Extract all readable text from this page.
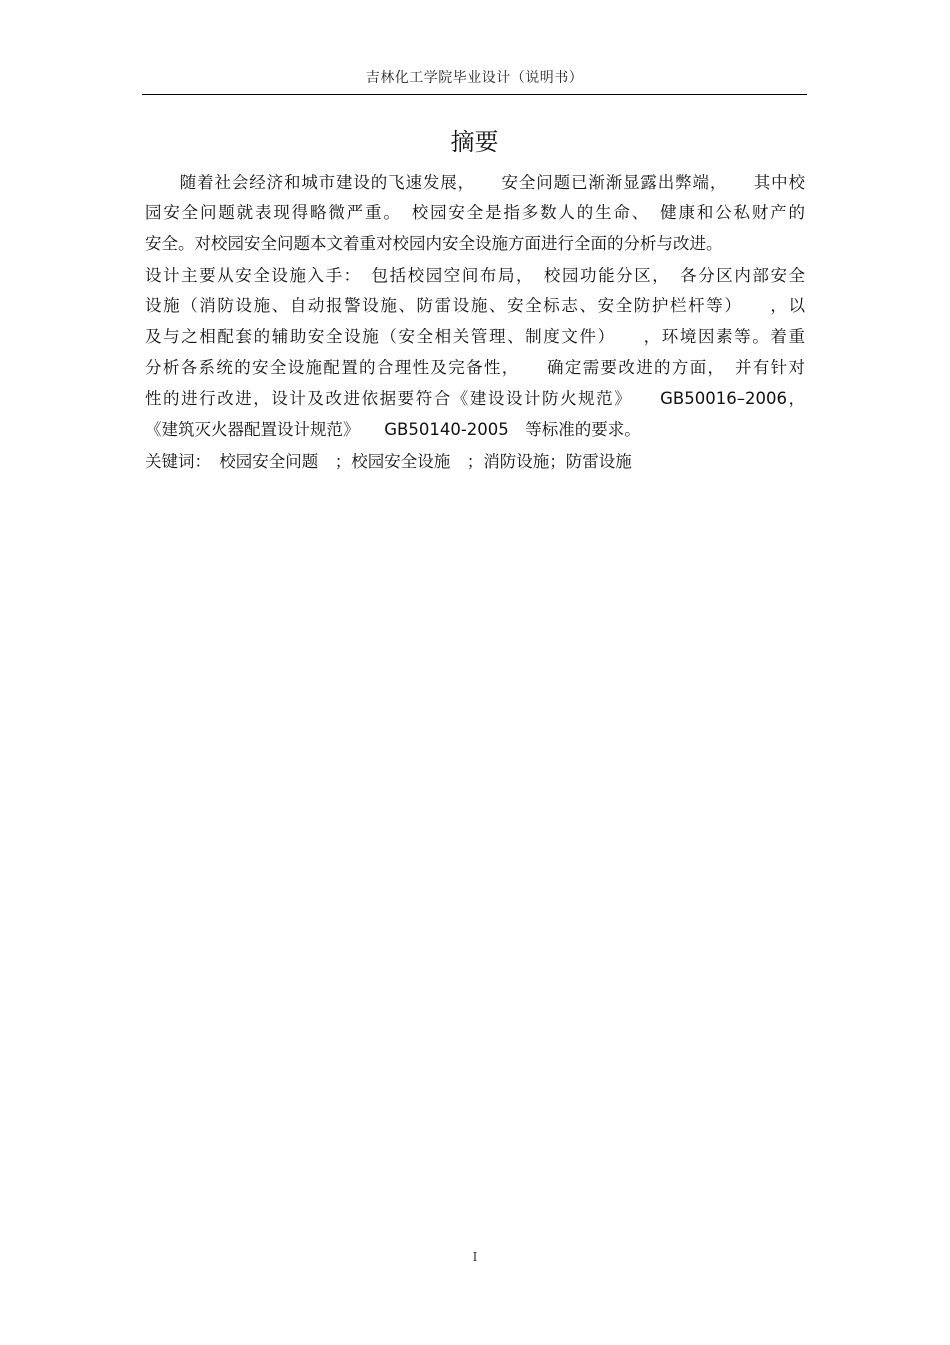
吉林化工学院毕业设计（说明书）
摘要
　　随着社会经济和城市建设的飞速发展，　　安全问题已渐渐显露出弊端，　　其中校
园安全问题就表现得略微严重。　校园安全是指多数人的生命、　健康和公私财产的
安全。对校园安全问题本文着重对校园内安全设施方面进行全面的分析与改进。
设计主要从安全设施入手：　包括校园空间布局，　校园功能分区，　各分区内部安全
设施（消防设施、自动报警设施、防雷设施、安全标志、安全防护栏杆等）　　，以
及与之相配套的辅助安全设施（安全相关管理、制度文件）　　，环境因素等。着重
分析各系统的安全设施配置的合理性及完备性，　　确定需要改进的方面，　并有针对
性的进行改进，设计及改进依据要符合《建设设计防火规范》　　GB50016–2006，
《建筑灭火器配置设计规范》　　GB50140-2005　等标准的要求。
关键词：　校园安全问题　；校园安全设施　；消防设施；防雷设施
I
